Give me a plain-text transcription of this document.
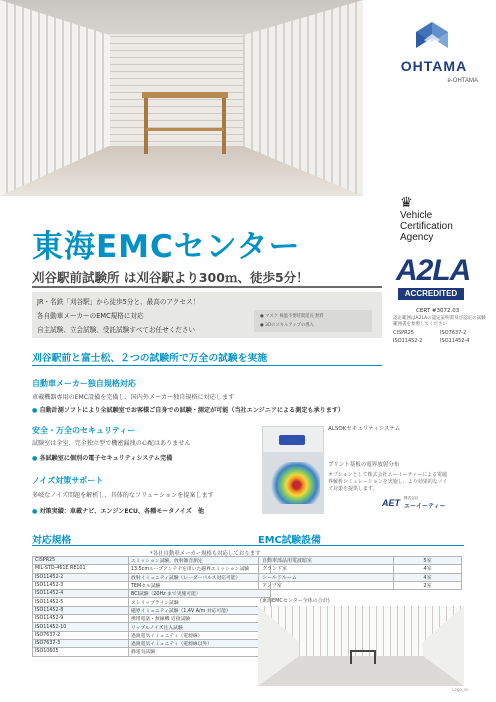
OHTAMA
e-OHTAMA
♛
Vehicle
Certification
Agency
東海EMCセンター
A2LA
ACCREDITED
CERT #3072.03
認定範囲はA2LAの認定証明書及び認定の試験範囲書を参照してください
CISPR25	ISO7637-2
ISO11452-2	ISO11452-4
刈谷駅前試験所 は刈谷駅より300ｍ、徒歩5分！
JR・名鉄「刈谷駅」から徒歩5分と、最高のアクセス！
各自動車メーカーのEMC規格に対応
自主試験、立会試験、受託試験すべてお任せください
● マスク 検温不要時間延長 無料
● 3Dのスキルアップの導入
刈谷駅前と富士松、２つの試験所で万全の試験を実施
自動車メーカー独自規格対応
車載機器専用のEMC設備を完備し、国内外メーカー独自規格に対応します
● 自動計測ソフトにより全試験室でお客様ご自身での試験・測定が可能（当社エンジニアによる測定も承ります）
安全・万全のセキュリティー
試験室は全室、完全独立型で機密漏洩の心配はありません
● 各試験室に個別の電子セキュリティシステム完備
ノイズ対策サポート
多岐なノイズ問題を解析し、具体的なソリューションを提案します
● 対策実績：車載ナビ、エンジンECU、各種モータノイズ　他
ALSOKセキュリティシステム
プリント基板の電界放射分布
オプションとして株式会社エーイーティーによる電磁界解析シミュレーションを実施し、より効果的なノイズ対策を提供します。
AET 株式会社
エーイーティー
対応規格	EMC試験設備
*各社自動車メーカー規格も対応しております
CISPR25	エミッション試験、放射雑音測定
MIL-STD-461E RE101	13.5cmループアンテナを用いた磁界エミッション試験
ISO11452-2	放射イミュニティ試験（レーダーパルス対応可能）
ISO11452-3	TEMセル試験
ISO11452-4	BCI試験（20Hz まで実施可能）
ISO11452-5	ストリップライン試験
ISO11452-8	磁界イミュニティ試験（1,4V A/m 対応可能）
ISO11452-9	携帯電話・無線機 近接試験
ISO11452-10	リップルノイズ注入試験
ISO7637-2	過渡電気イミュニティ（電源線）
ISO7637-3	過渡電気イミュニティ（電源線以外）
ISO10605	静電気試験
自動車部品用電波暗室	5室
グランド室	4室
シールドルーム	4室
アンプ室	2室
(東海EMCセンター全体の合計)
Logo_ss
